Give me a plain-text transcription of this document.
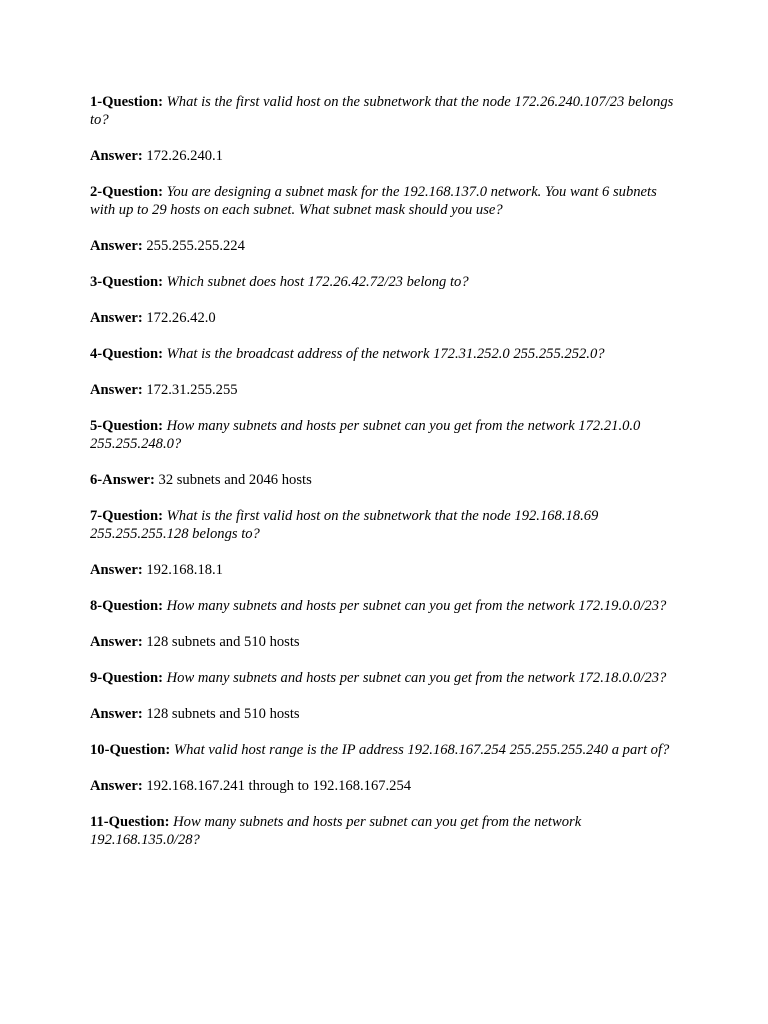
1-Question: What is the first valid host on the subnetwork that the node 172.26.240.107/23 belongs to?

Answer: 172.26.240.1

2-Question: You are designing a subnet mask for the 192.168.137.0 network. You want 6 subnets with up to 29 hosts on each subnet. What subnet mask should you use?

Answer: 255.255.255.224

3-Question: Which subnet does host 172.26.42.72/23 belong to?

Answer: 172.26.42.0

4-Question: What is the broadcast address of the network 172.31.252.0 255.255.252.0?

Answer: 172.31.255.255

5-Question: How many subnets and hosts per subnet can you get from the network 172.21.0.0 255.255.248.0?

6-Answer: 32 subnets and 2046 hosts

7-Question: What is the first valid host on the subnetwork that the node 192.168.18.69 255.255.255.128 belongs to?

Answer: 192.168.18.1

8-Question: How many subnets and hosts per subnet can you get from the network 172.19.0.0/23?

Answer: 128 subnets and 510 hosts

9-Question: How many subnets and hosts per subnet can you get from the network 172.18.0.0/23?

Answer: 128 subnets and 510 hosts

10-Question: What valid host range is the IP address 192.168.167.254 255.255.255.240 a part of?

Answer: 192.168.167.241 through to 192.168.167.254

11-Question: How many subnets and hosts per subnet can you get from the network 192.168.135.0/28?
